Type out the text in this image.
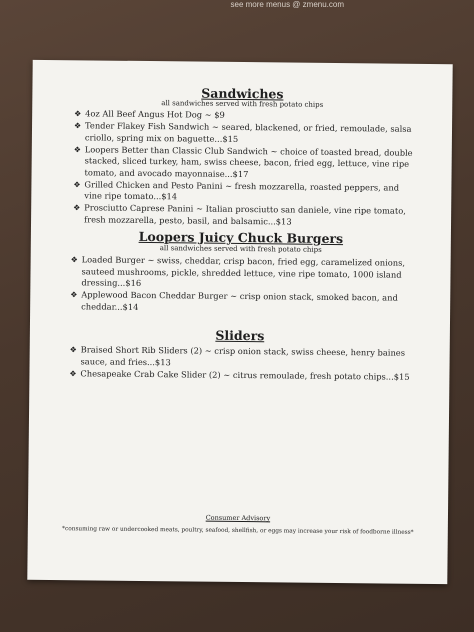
see more menus @ zmenu.com
Sandwiches
all sandwiches served with fresh potato chips
❖ 4oz All Beef Angus Hot Dog ~ $9
❖ Tender Flakey Fish Sandwich ~ seared, blackened, or fried, remoulade, salsa
criollo, spring mix on baguette...$15
❖ Loopers Better than Classic Club Sandwich ~ choice of toasted bread, double
stacked, sliced turkey, ham, swiss cheese, bacon, fried egg, lettuce, vine ripe
tomato, and avocado mayonnaise...$17
❖ Grilled Chicken and Pesto Panini ~ fresh mozzarella, roasted peppers, and
vine ripe tomato...$14
❖ Prosciutto Caprese Panini ~ Italian prosciutto san daniele, vine ripe tomato,
fresh mozzarella, pesto, basil, and balsamic...$13
Loopers Juicy Chuck Burgers
all sandwiches served with fresh potato chips
❖ Loaded Burger ~ swiss, cheddar, crisp bacon, fried egg, caramelized onions,
sauteed mushrooms, pickle, shredded lettuce, vine ripe tomato, 1000 island
dressing...$16
❖ Applewood Bacon Cheddar Burger ~ crisp onion stack, smoked bacon, and
cheddar...$14
Sliders
❖ Braised Short Rib Sliders (2) ~ crisp onion stack, swiss cheese, henry baines
sauce, and fries...$13
❖ Chesapeake Crab Cake Slider (2) ~ citrus remoulade, fresh potato chips...$15
Consumer Advisory
*consuming raw or undercooked meats, poultry, seafood, shellfish, or eggs may increase your risk of foodborne illness*
